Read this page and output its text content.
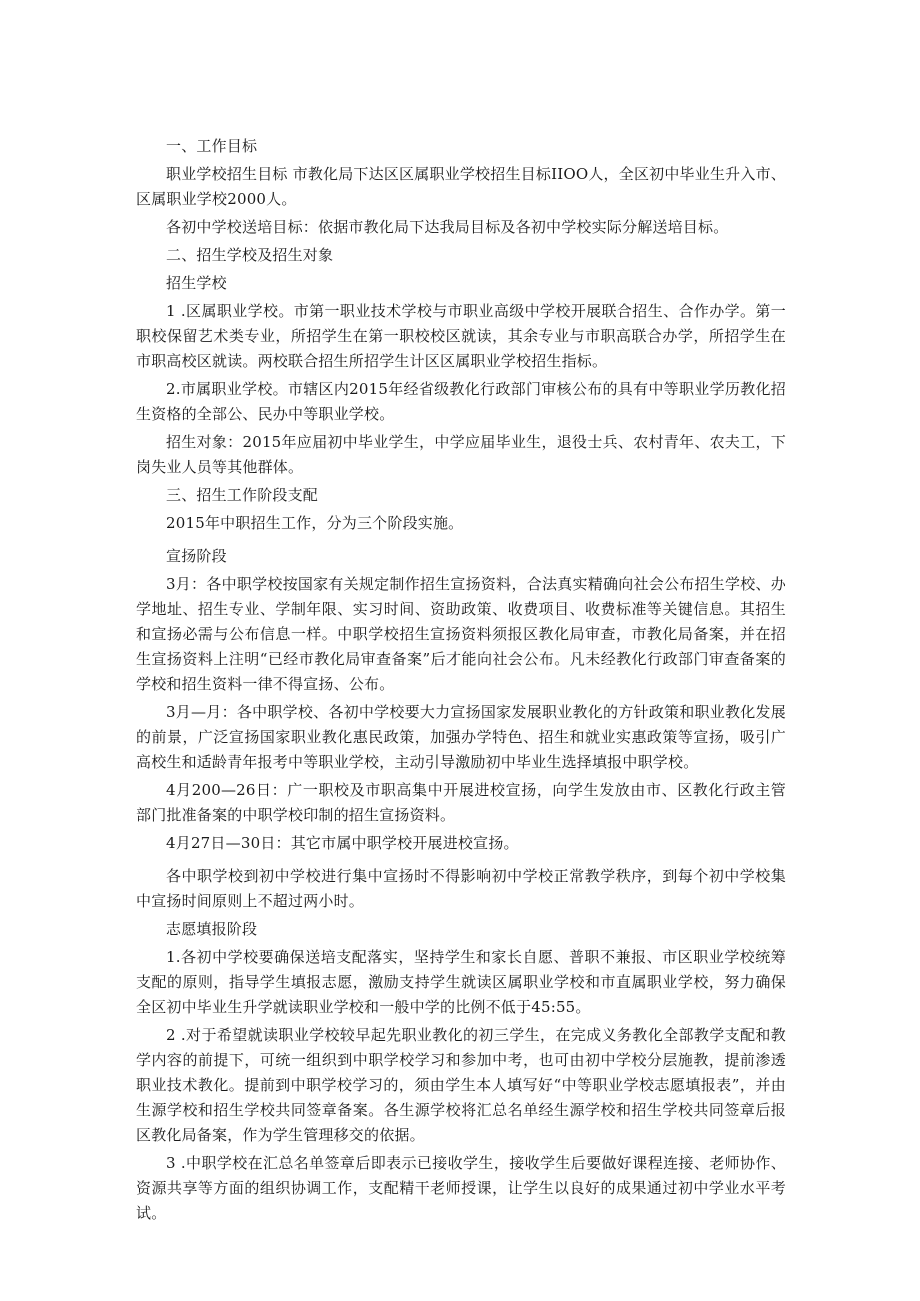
一、工作目标

职业学校招生目标 市教化局下达区区属职业学校招生目标IIOO人，全区初中毕业生升入市、区属职业学校2000人。

各初中学校送培目标：依据市教化局下达我局目标及各初中学校实际分解送培目标。

二、招生学校及招生对象

招生学校

1 .区属职业学校。市第一职业技术学校与市职业高级中学校开展联合招生、合作办学。第一职校保留艺术类专业，所招学生在第一职校校区就读，其余专业与市职高联合办学，所招学生在市职高校区就读。两校联合招生所招学生计区区属职业学校招生指标。

2.市属职业学校。市辖区内2015年经省级教化行政部门审核公布的具有中等职业学历教化招生资格的全部公、民办中等职业学校。

招生对象：2015年应届初中毕业学生，中学应届毕业生，退役士兵、农村青年、农夫工，下岗失业人员等其他群体。

三、招生工作阶段支配

2015年中职招生工作，分为三个阶段实施。

宣扬阶段

3月：各中职学校按国家有关规定制作招生宣扬资料，合法真实精确向社会公布招生学校、办学地址、招生专业、学制年限、实习时间、资助政策、收费项目、收费标准等关键信息。其招生和宣扬必需与公布信息一样。中职学校招生宣扬资料须报区教化局审查，市教化局备案，并在招生宣扬资料上注明“已经市教化局审查备案”后才能向社会公布。凡未经教化行政部门审查备案的学校和招生资料一律不得宣扬、公布。

3月—月：各中职学校、各初中学校要大力宣扬国家发展职业教化的方针政策和职业教化发展的前景，广泛宣扬国家职业教化惠民政策，加强办学特色、招生和就业实惠政策等宣扬，吸引广高校生和适龄青年报考中等职业学校，主动引导激励初中毕业生选择填报中职学校。

4月200—26日：广一职校及市职高集中开展进校宣扬，向学生发放由市、区教化行政主管部门批准备案的中职学校印制的招生宣扬资料。

4月27日—30日：其它市属中职学校开展进校宣扬。

各中职学校到初中学校进行集中宣扬时不得影响初中学校正常教学秩序，到每个初中学校集中宣扬时间原则上不超过两小时。

志愿填报阶段

1.各初中学校要确保送培支配落实，坚持学生和家长自愿、普职不兼报、市区职业学校统筹支配的原则，指导学生填报志愿，激励支持学生就读区属职业学校和市直属职业学校，努力确保全区初中毕业生升学就读职业学校和一般中学的比例不低于45:55。

2 .对于希望就读职业学校较早起先职业教化的初三学生，在完成义务教化全部教学支配和教学内容的前提下，可统一组织到中职学校学习和参加中考，也可由初中学校分层施教，提前渗透职业技术教化。提前到中职学校学习的，须由学生本人填写好“中等职业学校志愿填报表”，并由生源学校和招生学校共同签章备案。各生源学校将汇总名单经生源学校和招生学校共同签章后报区教化局备案，作为学生管理移交的依据。

3 .中职学校在汇总名单签章后即表示已接收学生，接收学生后要做好课程连接、老师协作、资源共享等方面的组织协调工作，支配精干老师授课，让学生以良好的成果通过初中学业水平考试。
